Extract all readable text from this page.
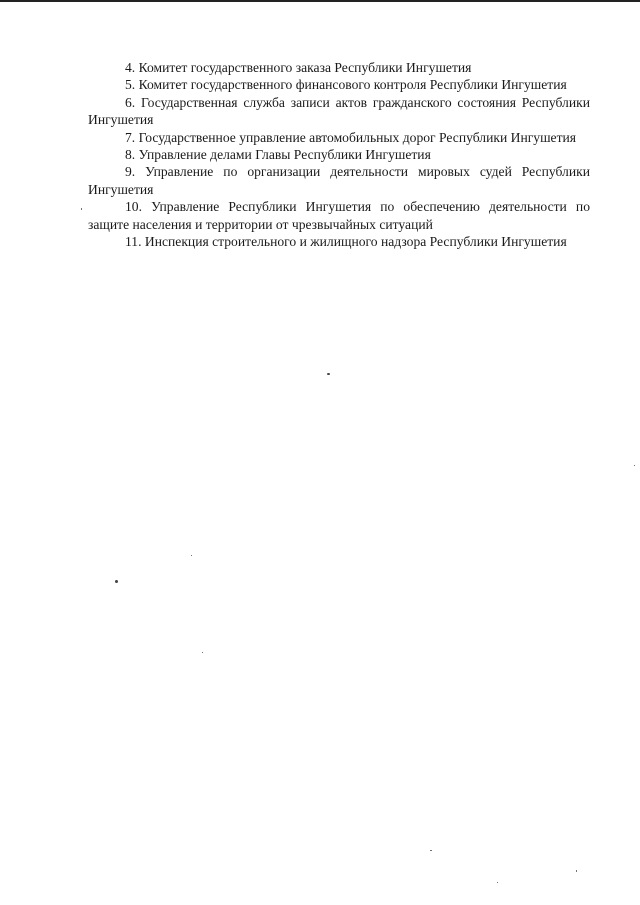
4. Комитет государственного заказа Республики Ингушетия

5. Комитет государственного финансового контроля Республики Ингушетия

6. Государственная служба записи актов гражданского состояния Республики Ингушетия

7. Государственное управление автомобильных дорог Республики Ингушетия

8. Управление делами Главы Республики Ингушетия

9. Управление по организации деятельности мировых судей Республики Ингушетия

10. Управление Республики Ингушетия по обеспечению деятельности по защите населения и территории от чрезвычайных ситуаций

11. Инспекция строительного и жилищного надзора Республики Ингушетия
